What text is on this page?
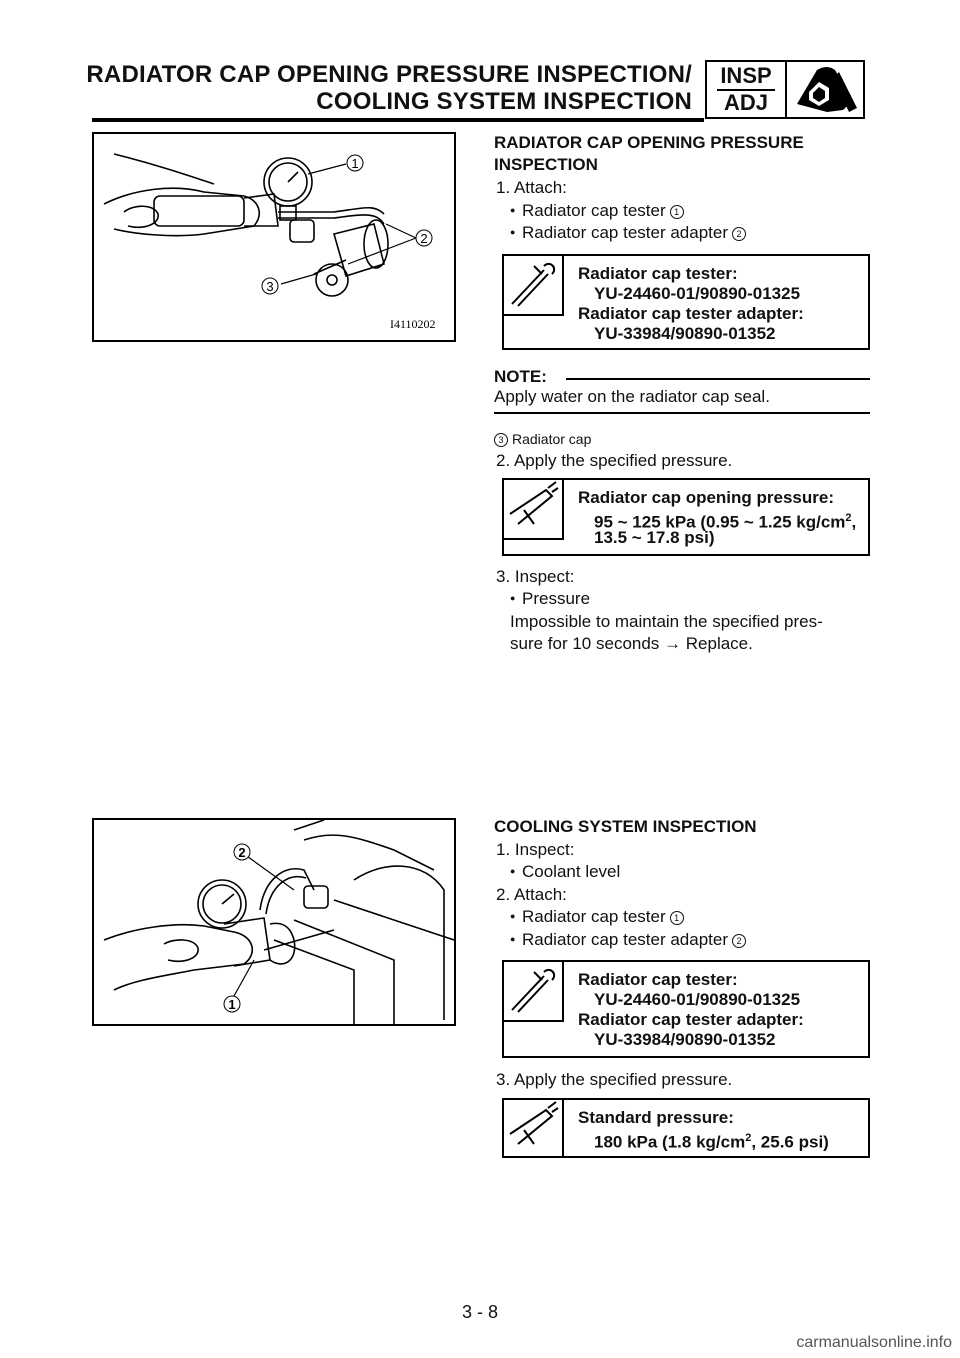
RADIATOR CAP OPENING PRESSURE INSPECTION/
COOLING SYSTEM INSPECTION
INSP
ADJ
1
2
3
I4110202
RADIATOR CAP OPENING PRESSURE
INSPECTION
1. Attach:
● Radiator cap tester 1
● Radiator cap tester adapter 2
Radiator cap tester:
YU-24460-01/90890-01325
Radiator cap tester adapter:
YU-33984/90890-01352
NOTE:
Apply water on the radiator cap seal.
3 Radiator cap
2. Apply the specified pressure.
Radiator cap opening pressure:
95 ~ 125 kPa (0.95 ~ 1.25 $kg/cm^2$,
13.5 ~ 17.8 psi)
3. Inspect:
● Pressure
Impossible to maintain the specified pres-
sure for 10 seconds → Replace.
2
1
COOLING SYSTEM INSPECTION
1. Inspect:
● Coolant level
2. Attach:
● Radiator cap tester 1
● Radiator cap tester adapter 2
Radiator cap tester:
YU-24460-01/90890-01325
Radiator cap tester adapter:
YU-33984/90890-01352
3. Apply the specified pressure.
Standard pressure:
180 kPa (1.8 $kg/cm^2$, 25.6 psi)
3 - 8
carmanualsonline.info
